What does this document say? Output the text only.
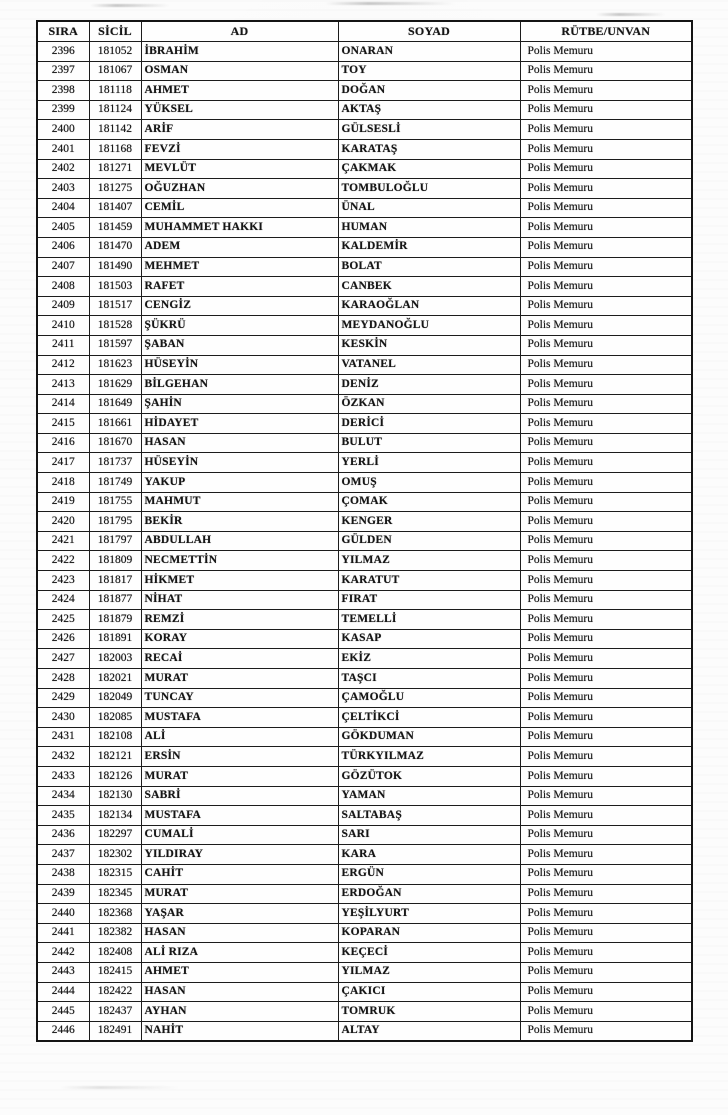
SIRA	SİCİL	AD	SOYAD	RÜTBE/UNVAN
2396	181052	İBRAHİM	ONARAN	Polis Memuru
2397	181067	OSMAN	TOY	Polis Memuru
2398	181118	AHMET	DOĞAN	Polis Memuru
2399	181124	YÜKSEL	AKTAŞ	Polis Memuru
2400	181142	ARİF	GÜLSESLİ	Polis Memuru
2401	181168	FEVZİ	KARATAŞ	Polis Memuru
2402	181271	MEVLÜT	ÇAKMAK	Polis Memuru
2403	181275	OĞUZHAN	TOMBULOĞLU	Polis Memuru
2404	181407	CEMİL	ÜNAL	Polis Memuru
2405	181459	MUHAMMET HAKKI	HUMAN	Polis Memuru
2406	181470	ADEM	KALDEMİR	Polis Memuru
2407	181490	MEHMET	BOLAT	Polis Memuru
2408	181503	RAFET	CANBEK	Polis Memuru
2409	181517	CENGİZ	KARAOĞLAN	Polis Memuru
2410	181528	ŞÜKRÜ	MEYDANOĞLU	Polis Memuru
2411	181597	ŞABAN	KESKİN	Polis Memuru
2412	181623	HÜSEYİN	VATANEL	Polis Memuru
2413	181629	BİLGEHAN	DENİZ	Polis Memuru
2414	181649	ŞAHİN	ÖZKAN	Polis Memuru
2415	181661	HİDAYET	DERİCİ	Polis Memuru
2416	181670	HASAN	BULUT	Polis Memuru
2417	181737	HÜSEYİN	YERLİ	Polis Memuru
2418	181749	YAKUP	OMUŞ	Polis Memuru
2419	181755	MAHMUT	ÇOMAK	Polis Memuru
2420	181795	BEKİR	KENGER	Polis Memuru
2421	181797	ABDULLAH	GÜLDEN	Polis Memuru
2422	181809	NECMETTİN	YILMAZ	Polis Memuru
2423	181817	HİKMET	KARATUT	Polis Memuru
2424	181877	NİHAT	FIRAT	Polis Memuru
2425	181879	REMZİ	TEMELLİ	Polis Memuru
2426	181891	KORAY	KASAP	Polis Memuru
2427	182003	RECAİ	EKİZ	Polis Memuru
2428	182021	MURAT	TAŞCI	Polis Memuru
2429	182049	TUNCAY	ÇAMOĞLU	Polis Memuru
2430	182085	MUSTAFA	ÇELTİKCİ	Polis Memuru
2431	182108	ALİ	GÖKDUMAN	Polis Memuru
2432	182121	ERSİN	TÜRKYILMAZ	Polis Memuru
2433	182126	MURAT	GÖZÜTOK	Polis Memuru
2434	182130	SABRİ	YAMAN	Polis Memuru
2435	182134	MUSTAFA	SALTABAŞ	Polis Memuru
2436	182297	CUMALİ	SARI	Polis Memuru
2437	182302	YILDIRAY	KARA	Polis Memuru
2438	182315	CAHİT	ERGÜN	Polis Memuru
2439	182345	MURAT	ERDOĞAN	Polis Memuru
2440	182368	YAŞAR	YEŞİLYURT	Polis Memuru
2441	182382	HASAN	KOPARAN	Polis Memuru
2442	182408	ALİ RIZA	KEÇECİ	Polis Memuru
2443	182415	AHMET	YILMAZ	Polis Memuru
2444	182422	HASAN	ÇAKICI	Polis Memuru
2445	182437	AYHAN	TOMRUK	Polis Memuru
2446	182491	NAHİT	ALTAY	Polis Memuru
